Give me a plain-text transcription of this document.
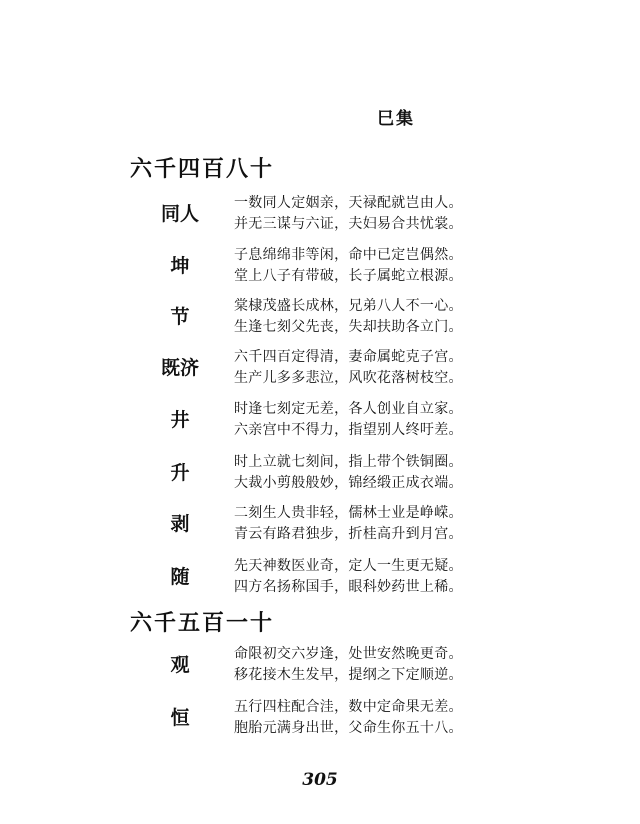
巳集
六千四百八十
同人	一数同人定姻亲，天禄配就岂由人。
并无三谋与六证，夫妇易合共忧裳。
坤	子息绵绵非等闲，命中已定岂偶然。
堂上八子有带破，长子属蛇立根源。
节	棠棣茂盛长成林，兄弟八人不一心。
生逢七刻父先丧，失却扶助各立门。
既济	六千四百定得清，妻命属蛇克子宫。
生产儿多多悲泣，风吹花落树枝空。
井	时逢七刻定无差，各人创业自立家。
六亲宫中不得力，指望别人终吁差。
升	时上立就七刻间，指上带个铁铜圈。
大裁小剪般般妙，锦经缎正成衣端。
剥	二刻生人贵非轻，儒林士业是峥嵘。
青云有路君独步，折桂高升到月宫。
随	先天神数医业奇，定人一生更无疑。
四方名扬称国手，眼科妙药世上稀。
六千五百一十
观	命限初交六岁逢，处世安然晚更奇。
移花接木生发早，提纲之下定顺逆。
恒	五行四柱配合洼，数中定命果无差。
胞胎元满身出世，父命生你五十八。
305
